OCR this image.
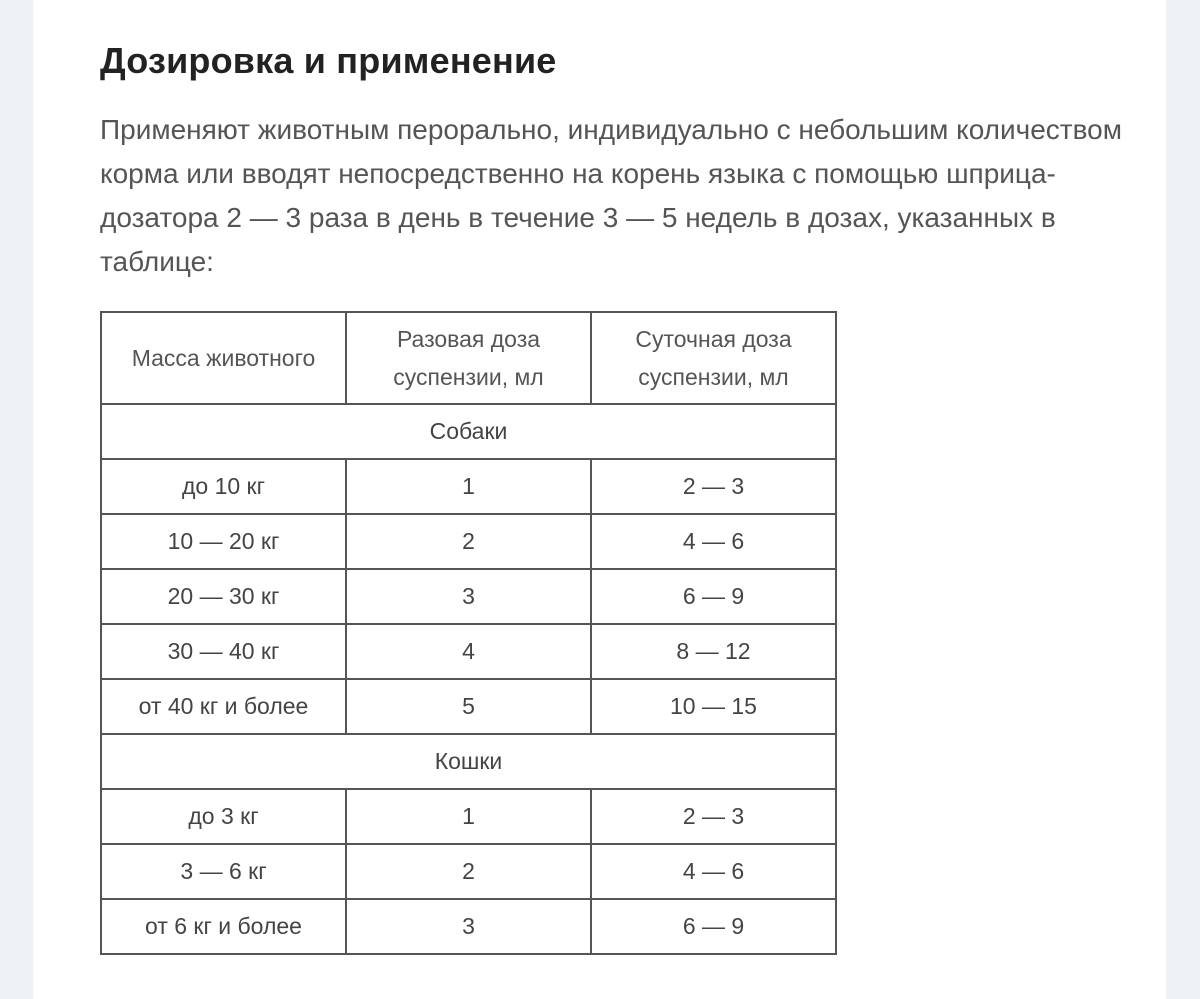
Дозировка и применение

Применяют животным перорально, индивидуально с небольшим количеством корма или вводят непосредственно на корень языка с помощью шприца-дозатора 2 — 3 раза в день в течение 3 — 5 недель в дозах, указанных в таблице:

Масса животного	Разовая доза суспензии, мл	Суточная доза суспензии, мл
Собаки		
до 10 кг	1	2 — 3
10 — 20 кг	2	4 — 6
20 — 30 кг	3	6 — 9
30 — 40 кг	4	8 — 12
от 40 кг и более	5	10 — 15
Кошки		
до 3 кг	1	2 — 3
3 — 6 кг	2	4 — 6
от 6 кг и более	3	6 — 9
